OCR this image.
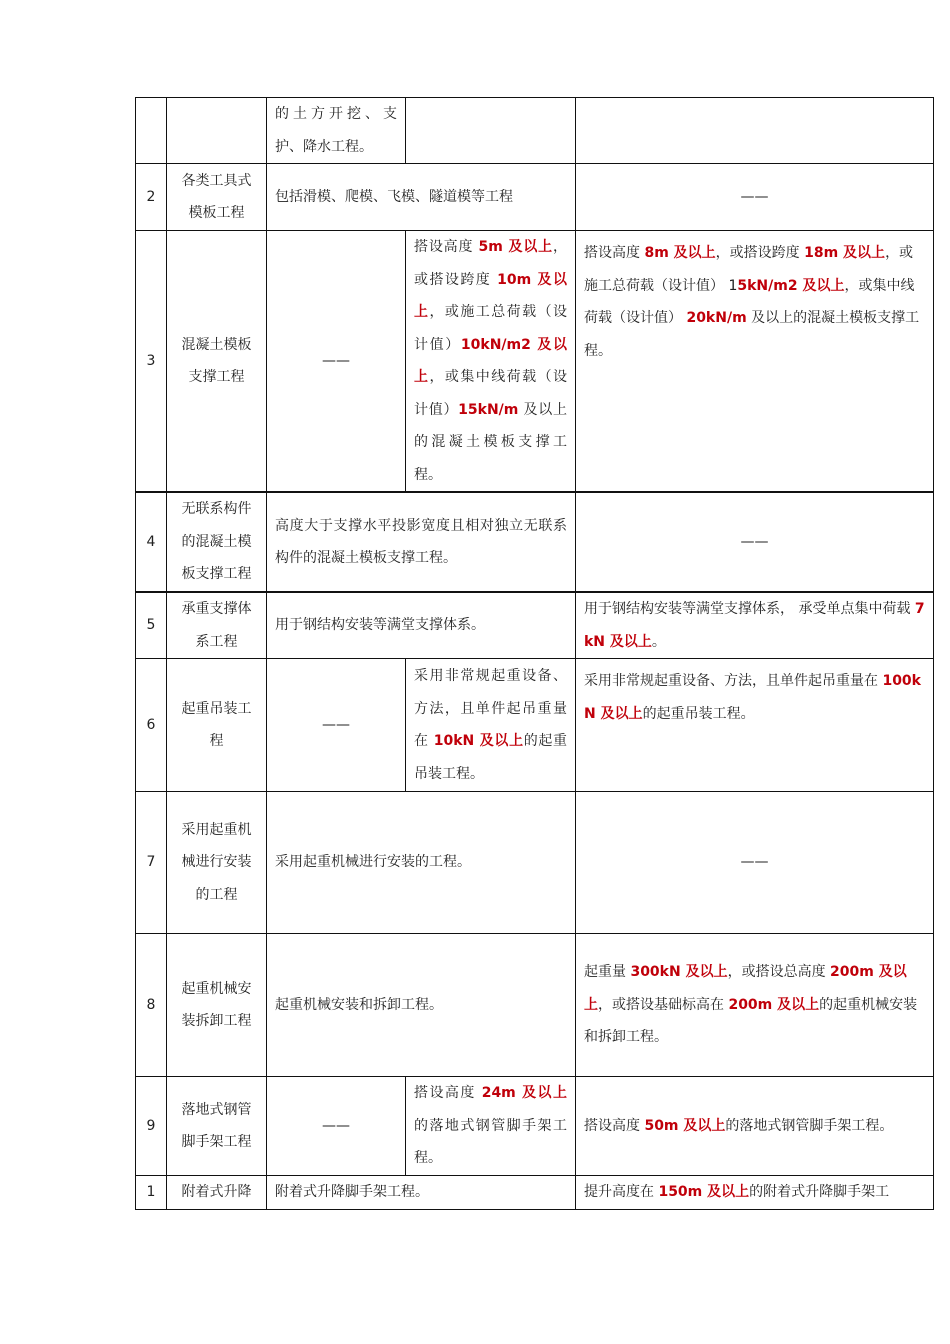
		的土方开挖、支护、降水工程。		
2	各类工具式模板工程	包括滑模、爬模、飞模、隧道模等工程		——
3	混凝土模板支撑工程	——	搭设高度 5m 及以上，或搭设跨度 10m 及以上，或施工总荷载（设计值）10kN/m2 及以上，或集中线荷载（设计值）15kN/m 及以上的混凝土模板支撑工程。	搭设高度 8m 及以上，或搭设跨度 18m 及以上，或施工总荷载（设计值） 15kN/m2 及以上，或集中线荷载（设计值） 20kN/m 及以上的混凝土模板支撑工程。
4	无联系构件的混凝土模板支撑工程	高度大于支撑水平投影宽度且相对独立无联系构件的混凝土模板支撑工程。		——
5	承重支撑体系工程	用于钢结构安装等满堂支撑体系。		用于钢结构安装等满堂支撑体系， 承受单点集中荷载 7kN 及以上。
6	起重吊装工程	——	采用非常规起重设备、方法，且单件起吊重量在 10kN 及以上的起重吊装工程。	采用非常规起重设备、方法，且单件起吊重量在 100kN 及以上的起重吊装工程。
7	采用起重机械进行安装的工程	采用起重机械进行安装的工程。		——
8	起重机械安装拆卸工程	起重机械安装和拆卸工程。		起重量 300kN 及以上，或搭设总高度 200m 及以上，或搭设基础标高在 200m 及以上的起重机械安装和拆卸工程。
9	落地式钢管脚手架工程	——	搭设高度 24m 及以上的落地式钢管脚手架工程。	搭设高度 50m 及以上的落地式钢管脚手架工程。
1	附着式升降	附着式升降脚手架工程。		提升高度在 150m 及以上的附着式升降脚手架工
